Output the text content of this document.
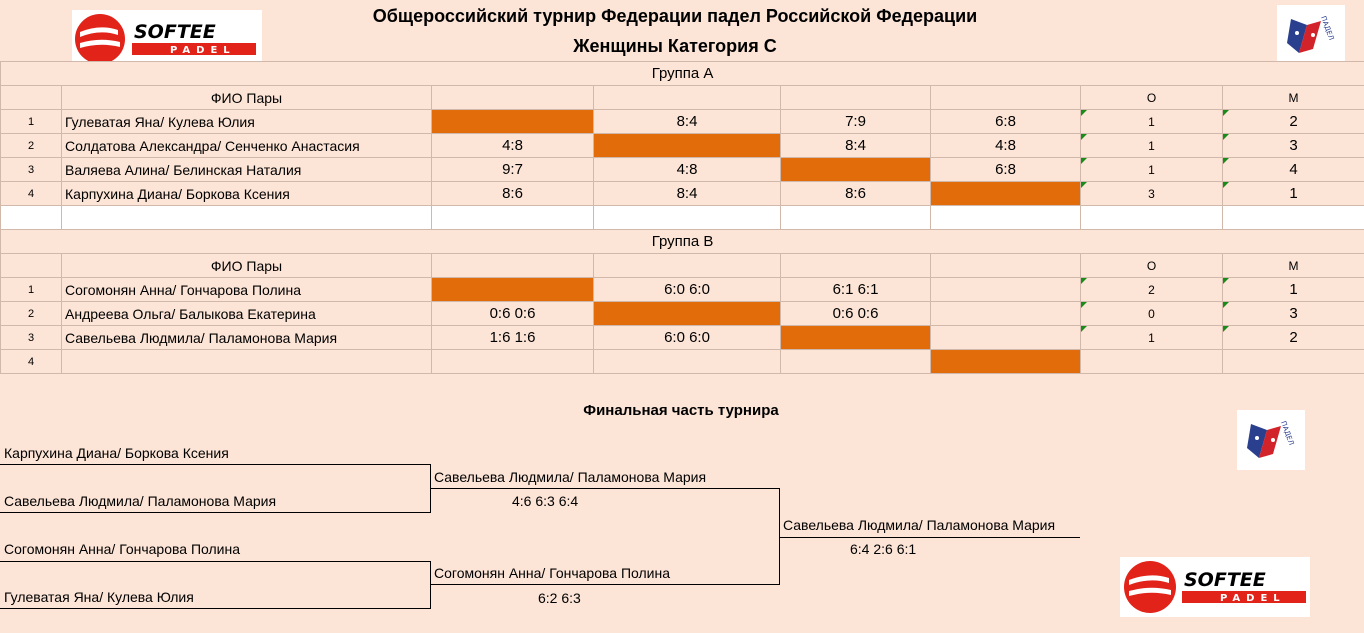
SOFTEE
PADEL
ПАДЕЛ
Общероссийский турнир Федерации падел Российской Федерации
Женщины Категория С
Группа А							
	ФИО Пары					О	М
1	Гулеватая Яна/ Кулева Юлия		8:4	7:9	6:8	1	2
2	Солдатова Александра/ Сенченко Анастасия	4:8		8:4	4:8	1	3
3	Валяева Алина/ Белинская Наталия	9:7	4:8		6:8	1	4
4	Карпухина Диана/ Боркова Ксения	8:6	8:4	8:6		3	1

Группа В							
	ФИО Пары					О	М
1	Согомонян Анна/ Гончарова Полина		6:0 6:0	6:1 6:1		2	1
2	Андреева Ольга/ Балыкова Екатерина	0:6 0:6		0:6 0:6		0	3
3	Савельева Людмила/ Паламонова Мария	1:6 1:6	6:0 6:0			1	2
4							
Финальная часть турнира
ПАДЕЛ
Карпухина Диана/ Боркова Ксения
Савельева Людмила/ Паламонова Мария
Согомонян Анна/ Гончарова Полина
Гулеватая Яна/ Кулева Юлия
Савельева Людмила/ Паламонова Мария
4:6 6:3 6:4
Согомонян Анна/ Гончарова Полина
6:2 6:3
Савельева Людмила/ Паламонова Мария
6:4 2:6 6:1
SOFTEE
PADEL
